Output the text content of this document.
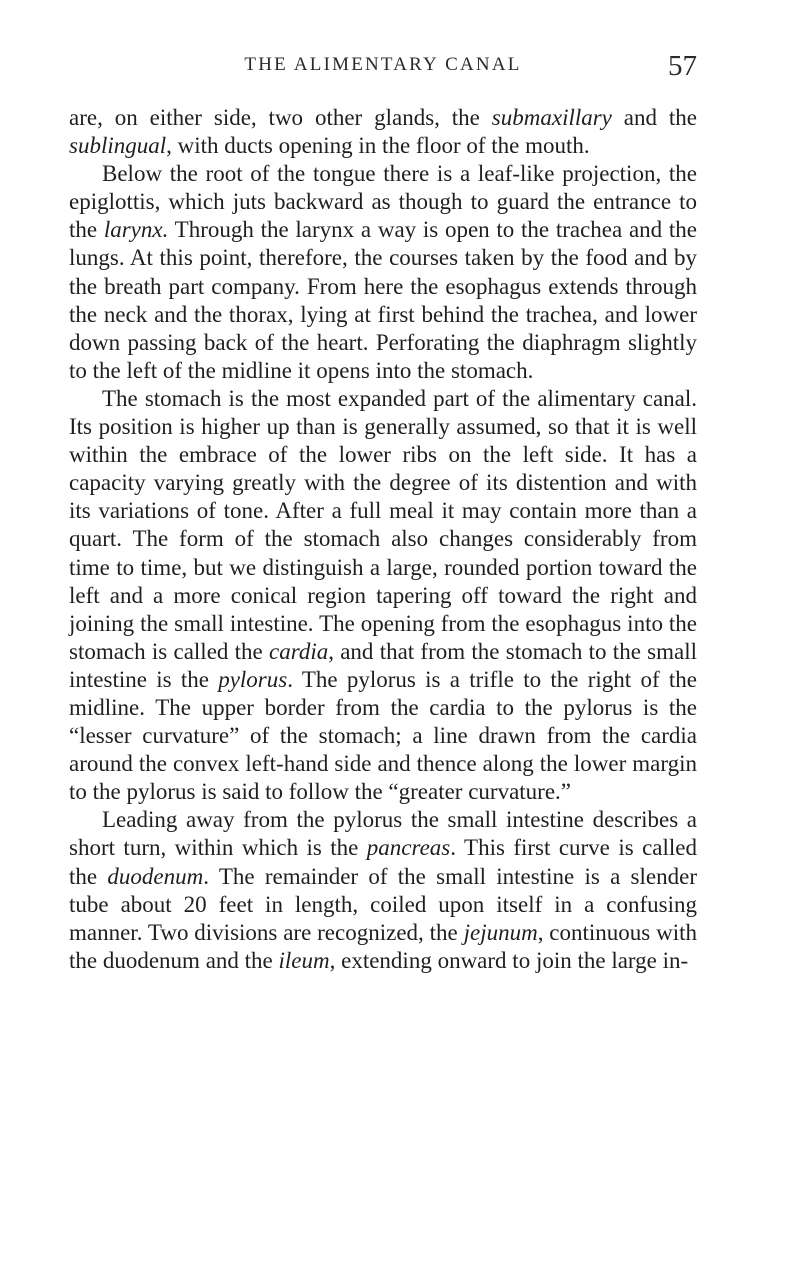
THE ALIMENTARY CANAL	57

are, on either side, two other glands, the submaxillary and the sublingual, with ducts opening in the floor of the mouth.

Below the root of the tongue there is a leaf-like projection, the epiglottis, which juts backward as though to guard the entrance to the larynx. Through the larynx a way is open to the trachea and the lungs. At this point, therefore, the courses taken by the food and by the breath part company. From here the esophagus extends through the neck and the thorax, lying at first behind the trachea, and lower down passing back of the heart. Perforating the diaphragm slightly to the left of the midline it opens into the stomach.

The stomach is the most expanded part of the alimentary canal. Its position is higher up than is generally assumed, so that it is well within the embrace of the lower ribs on the left side. It has a capacity varying greatly with the degree of its distention and with its variations of tone. After a full meal it may contain more than a quart. The form of the stomach also changes considerably from time to time, but we distinguish a large, rounded portion toward the left and a more conical region tapering off toward the right and joining the small intestine. The opening from the esophagus into the stomach is called the cardia, and that from the stomach to the small intestine is the pylorus. The pylorus is a trifle to the right of the midline. The upper border from the cardia to the pylorus is the “lesser curvature” of the stomach; a line drawn from the cardia around the convex left-hand side and thence along the lower margin to the pylorus is said to follow the “greater curvature.”

Leading away from the pylorus the small intestine describes a short turn, within which is the pancreas. This first curve is called the duodenum. The remainder of the small intestine is a slender tube about 20 feet in length, coiled upon itself in a confusing manner. Two divisions are recognized, the jejunum, continuous with the duodenum and the ileum, extending onward to join the large in-
